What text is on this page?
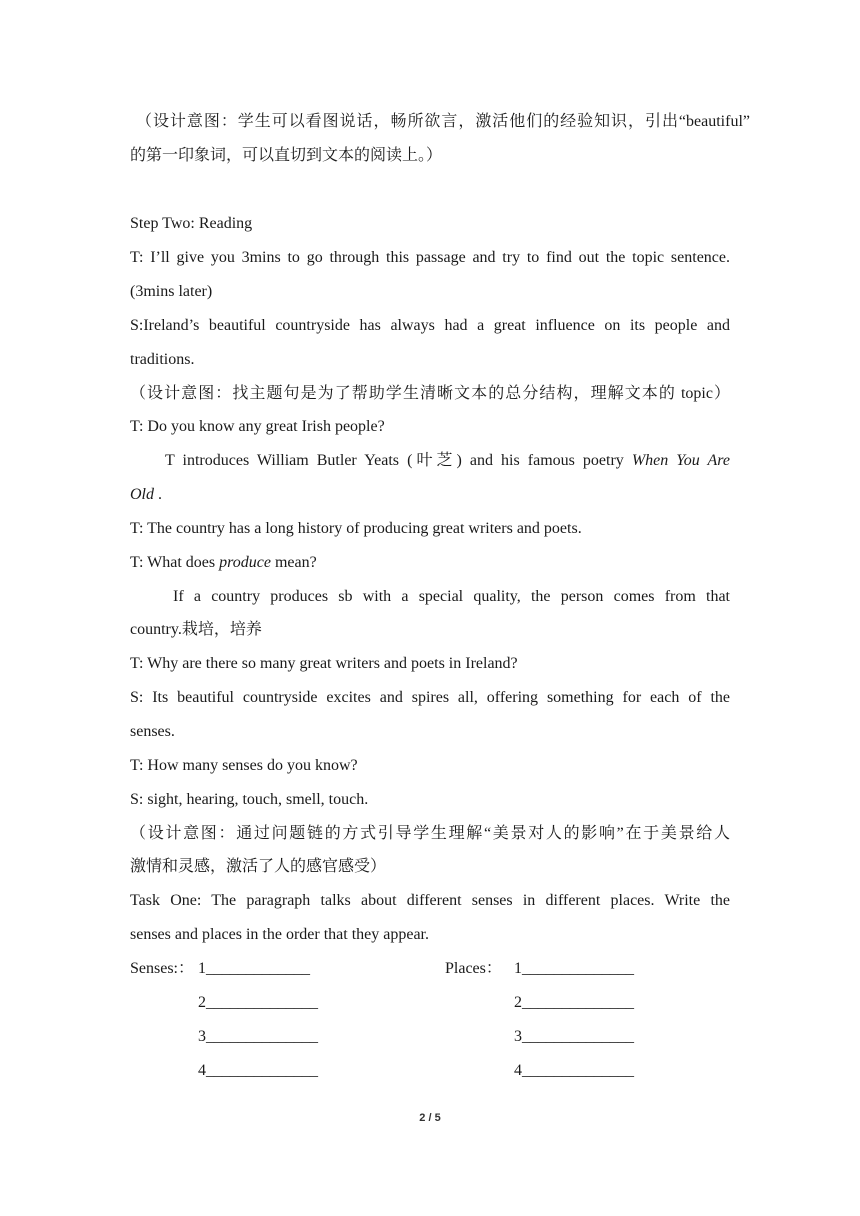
（设计意图：学生可以看图说话，畅所欲言，激活他们的经验知识，引出“beautiful”
的第一印象词，可以直切到文本的阅读上。）
Step Two: Reading
T: I’ll give you 3mins to go through this passage and try to find out the topic sentence.
(3mins later)
S:Ireland’s beautiful countryside has always had a great influence on its people and
traditions.
（设计意图：找主题句是为了帮助学生清晰文本的总分结构，理解文本的 topic）
T: Do you know any great Irish people?
T introduces William Butler Yeats (叶芝) and his famous poetry When You Are
Old .
T: The country has a long history of producing great writers and poets.
T: What does produce mean?
If a country produces sb with a special quality, the person comes from that
country.栽培，培养
T: Why are there so many great writers and poets in Ireland?
S: Its beautiful countryside excites and spires all, offering something for each of the
senses.
T: How many senses do you know?
S: sight, hearing, touch, smell, touch.
（设计意图：通过问题链的方式引导学生理解“美景对人的影响”在于美景给人
激情和灵感，激活了人的感官感受）
Task One: The paragraph talks about different senses in different places. Write the
senses and places in the order that they appear.
Senses:：	Places：
1_____________
2______________
3______________
4______________
1______________
2______________
3______________
4______________
2 / 5
